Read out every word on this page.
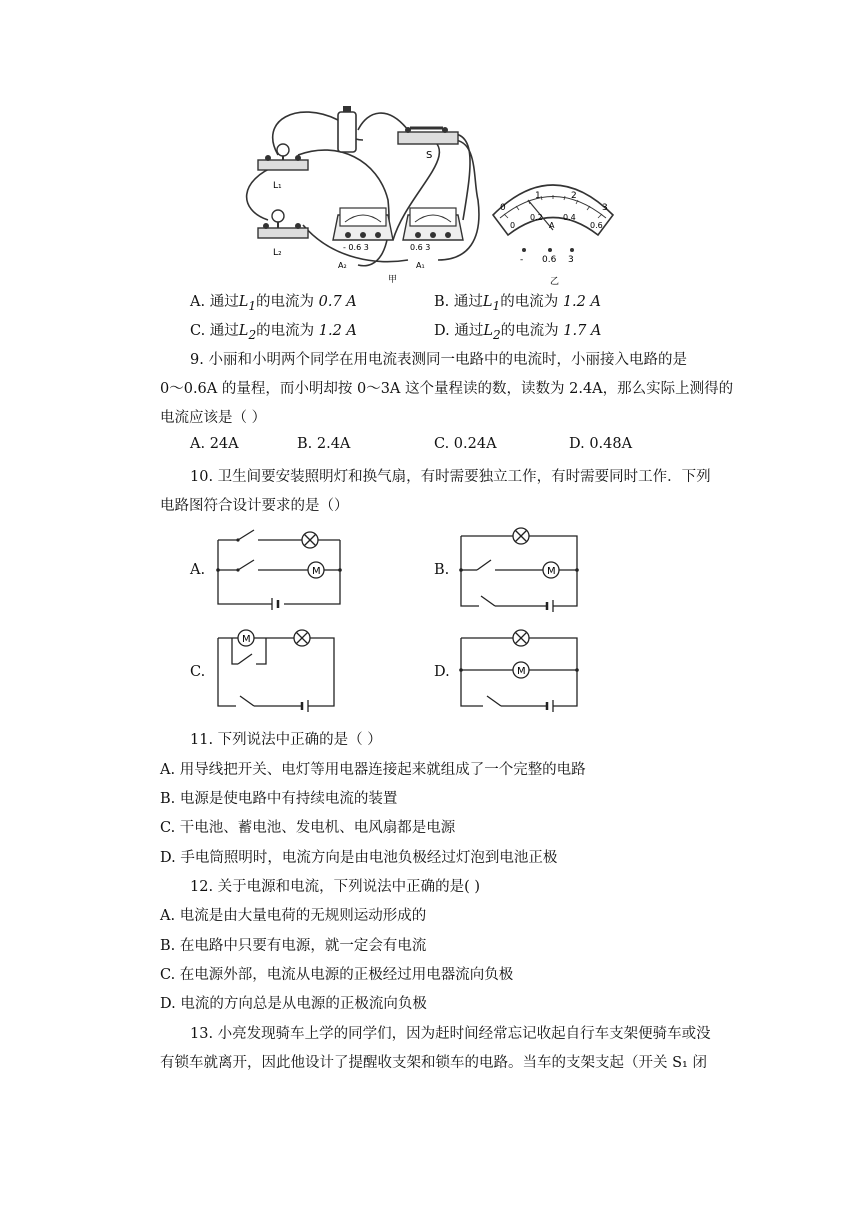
S
L₁
L₂
- 0.6 3
A₂
0.6 3
A₁
甲
0
1	2
3
0
0.2	0.4
0.6
A
- 0.6 3
乙
A. 通过$L_1$的电流为 0.7 A	B. 通过$L_1$的电流为 1.2 A
C. 通过$L_2$的电流为 1.2 A	D. 通过$L_2$的电流为 1.7 A
9. 小丽和小明两个同学在用电流表测同一电路中的电流时，小丽接入电路的是
0～0.6A 的量程，而小明却按 0～3A 这个量程读的数，读数为 2.4A，那么实际上测得的
电流应该是（ ）
A. 24A	B. 2.4A	C. 0.24A	D. 0.48A
10. 卫生间要安装照明灯和换气扇，有时需要独立工作，有时需要同时工作．下列
电路图符合设计要求的是（）
A.	B.
C.	D.
M	M
M
M
11. 下列说法中正确的是（ ）
A. 用导线把开关、电灯等用电器连接起来就组成了一个完整的电路
B. 电源是使电路中有持续电流的装置
C. 干电池、蓄电池、发电机、电风扇都是电源
D. 手电筒照明时，电流方向是由电池负极经过灯泡到电池正极
12. 关于电源和电流，下列说法中正确的是( )
A. 电流是由大量电荷的无规则运动形成的
B. 在电路中只要有电源，就一定会有电流
C. 在电源外部，电流从电源的正极经过用电器流向负极
D. 电流的方向总是从电源的正极流向负极
13. 小亮发现骑车上学的同学们，因为赶时间经常忘记收起自行车支架便骑车或没
有锁车就离开，因此他设计了提醒收支架和锁车的电路。当车的支架支起（开关 S₁ 闭
